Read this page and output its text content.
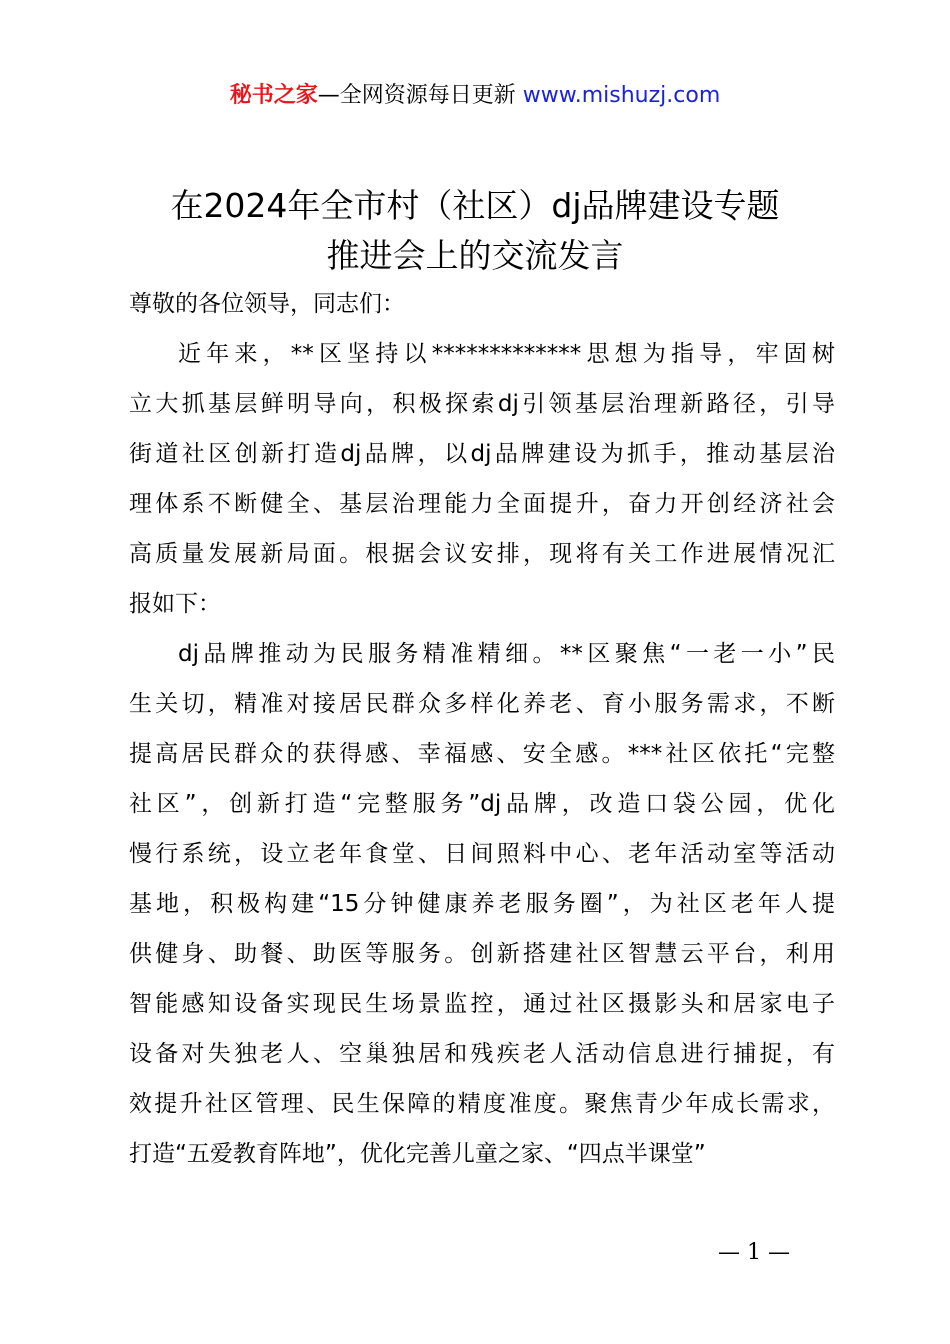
秘书之家—全网资源每日更新 www.mishuzj.com
在2024年全市村（社区）dj品牌建设专题
推进会上的交流发言
尊敬的各位领导，同志们：
近年来，**区坚持以*************思想为指导，牢固树
立大抓基层鲜明导向，积极探索dj引领基层治理新路径，引导
街道社区创新打造dj品牌，以dj品牌建设为抓手，推动基层治
理体系不断健全、基层治理能力全面提升，奋力开创经济社会
高质量发展新局面。根据会议安排，现将有关工作进展情况汇
报如下：
dj品牌推动为民服务精准精细。**区聚焦“一老一小”民
生关切，精准对接居民群众多样化养老、育小服务需求，不断
提高居民群众的获得感、幸福感、安全感。***社区依托“完整
社区”，创新打造“完整服务”dj品牌，改造口袋公园，优化
慢行系统，设立老年食堂、日间照料中心、老年活动室等活动
基地，积极构建“15分钟健康养老服务圈”，为社区老年人提
供健身、助餐、助医等服务。创新搭建社区智慧云平台，利用
智能感知设备实现民生场景监控，通过社区摄影头和居家电子
设备对失独老人、空巢独居和残疾老人活动信息进行捕捉，有
效提升社区管理、民生保障的精度准度。聚焦青少年成长需求，
打造“五爱教育阵地”，优化完善儿童之家、“四点半课堂”
— 1 —
